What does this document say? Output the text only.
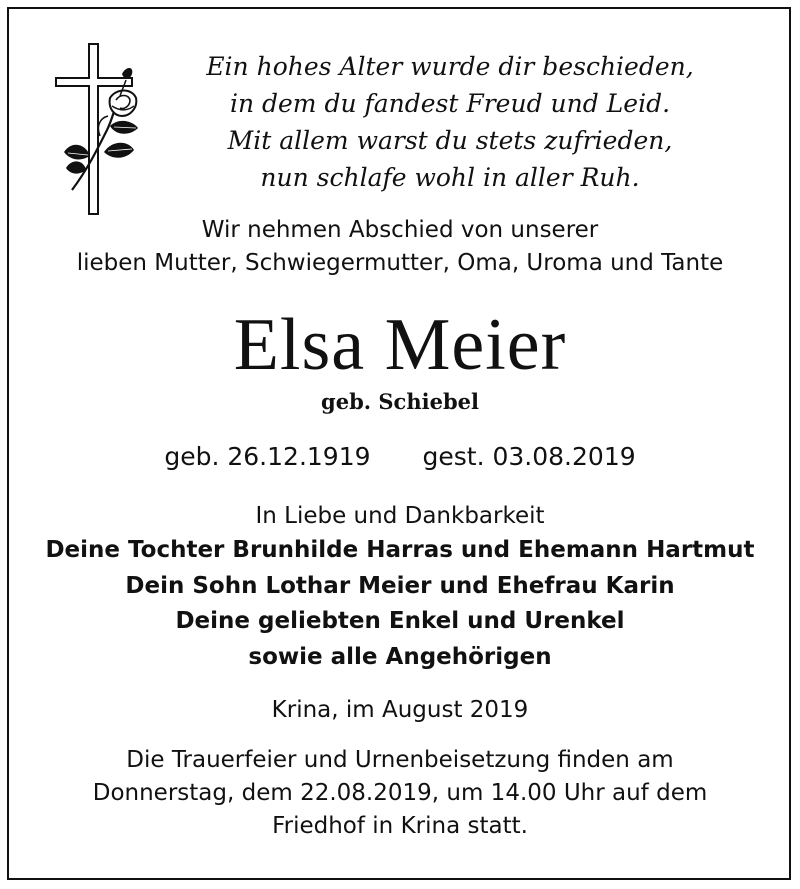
Ein hohes Alter wurde dir beschieden,
in dem du fandest Freud und Leid.
Mit allem warst du stets zufrieden,
nun schlafe wohl in aller Ruh.
Wir nehmen Abschied von unserer
lieben Mutter, Schwiegermutter, Oma, Uroma und Tante
Elsa Meier
geb. Schiebel
geb. 26.12.1919 gest. 03.08.2019
In Liebe und Dankbarkeit
Deine Tochter Brunhilde Harras und Ehemann Hartmut
Dein Sohn Lothar Meier und Ehefrau Karin
Deine geliebten Enkel und Urenkel
sowie alle Angehörigen
Krina, im August 2019
Die Trauerfeier und Urnenbeisetzung finden am
Donnerstag, dem 22.08.2019, um 14.00 Uhr auf dem
Friedhof in Krina statt.
